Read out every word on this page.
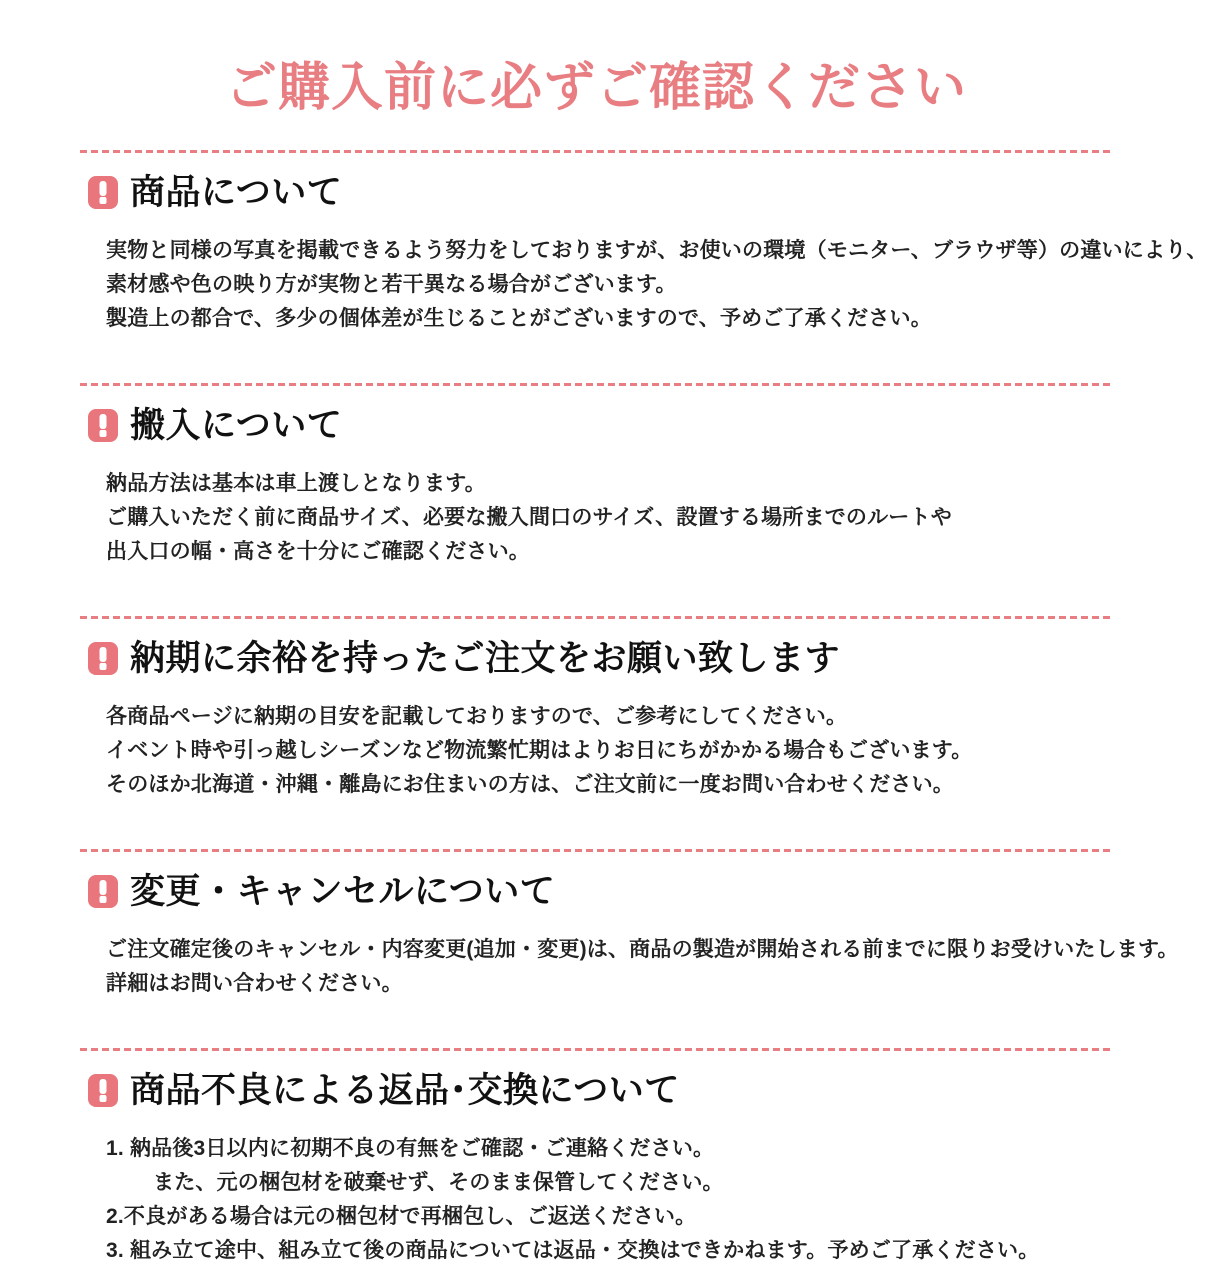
ご購入前に必ずご確認ください
商品について

実物と同様の写真を掲載できるよう努力をしておりますが、お使いの環境（モニター、ブラウザ等）の違いにより、

素材感や色の映り方が実物と若干異なる場合がございます。

製造上の都合で、多少の個体差が生じることがございますので、予めご了承ください。

搬入について

納品方法は基本は車上渡しとなります。

ご購入いただく前に商品サイズ、必要な搬入間口のサイズ、設置する場所までのルートや

出入口の幅・高さを十分にご確認ください。

納期に余裕を持ったご注文をお願い致します

各商品ページに納期の目安を記載しておりますので、ご参考にしてください。

イベント時や引っ越しシーズンなど物流繁忙期はよりお日にちがかかる場合もございます。

そのほか北海道・沖縄・離島にお住まいの方は、ご注文前に一度お問い合わせください。

変更・キャンセルについて

ご注文確定後のキャンセル・内容変更(追加・変更)は、商品の製造が開始される前までに限りお受けいたします。

詳細はお問い合わせください。

商品不良による返品･交換について

1. 納品後3日以内に初期不良の有無をご確認・ご連絡ください。

また、元の梱包材を破棄せず、そのまま保管してください。

2.不良がある場合は元の梱包材で再梱包し、ご返送ください。

3. 組み立て途中、組み立て後の商品については返品・交換はできかねます。予めご了承ください。
